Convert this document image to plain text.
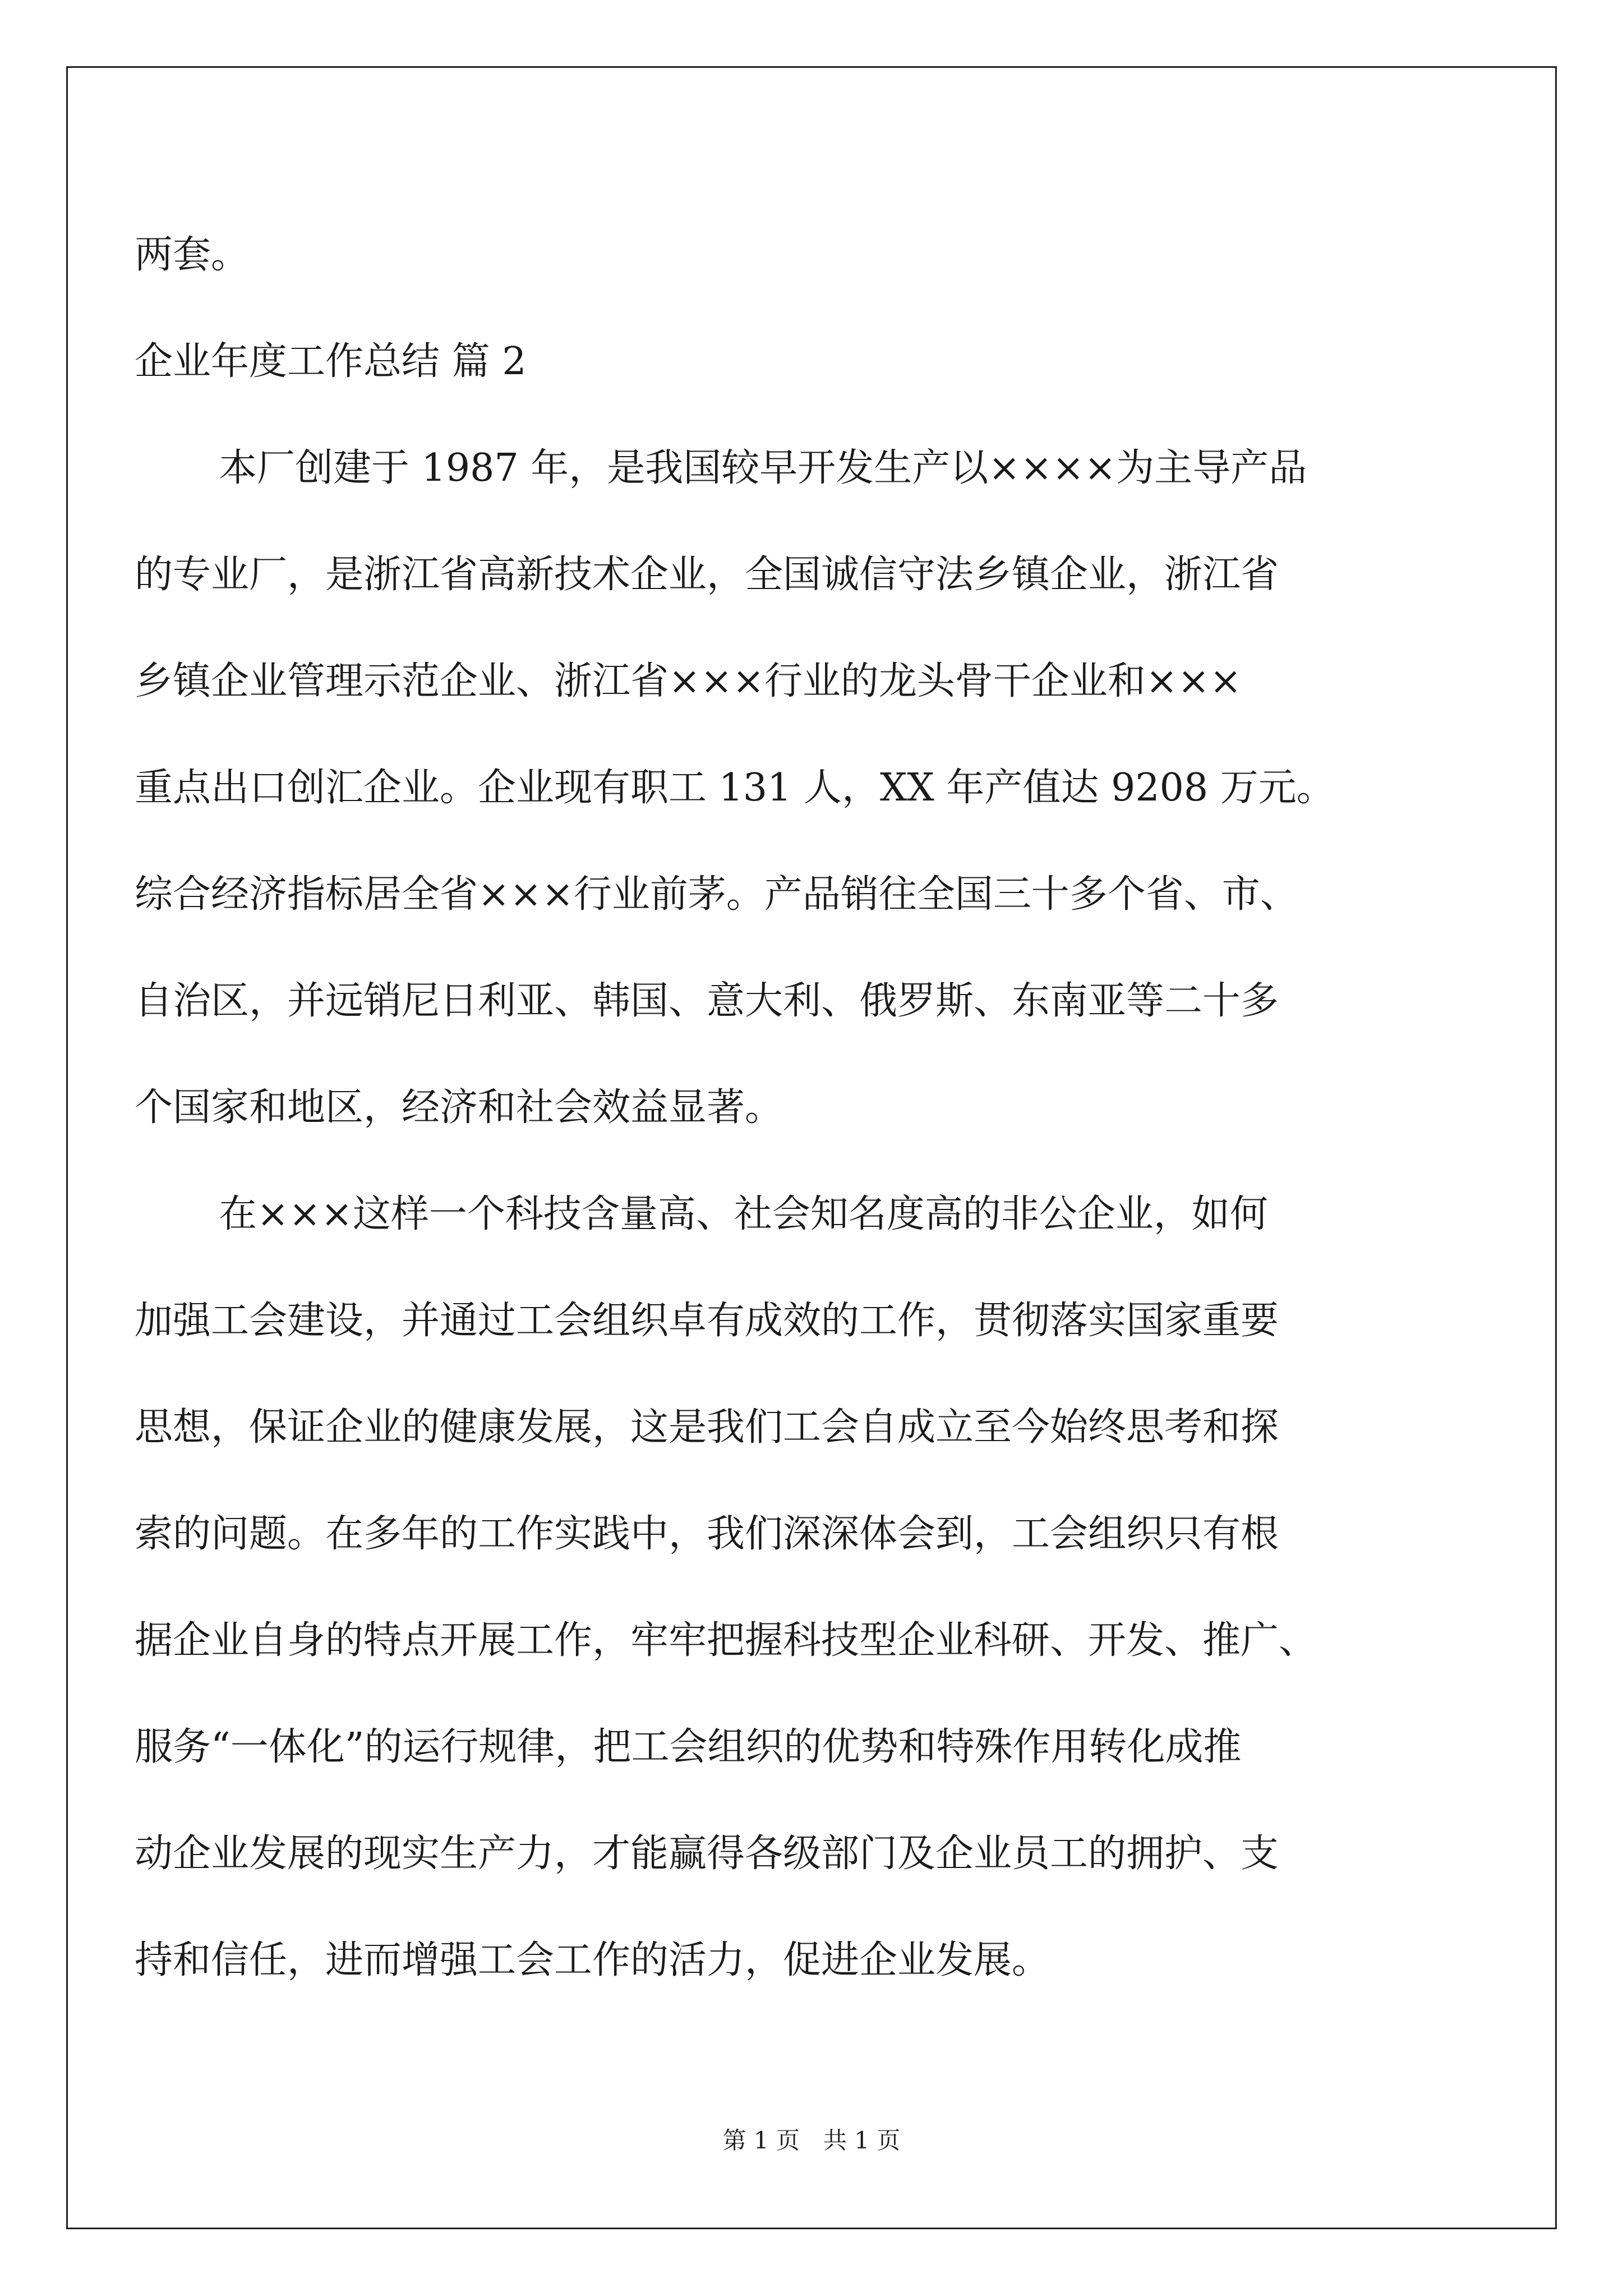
两套。
企业年度工作总结 篇 2
本厂创建于 1987 年，是我国较早开发生产以××××为主导产品
的专业厂，是浙江省高新技术企业，全国诚信守法乡镇企业，浙江省
乡镇企业管理示范企业、浙江省×××行业的龙头骨干企业和×××
重点出口创汇企业。企业现有职工 131 人，XX 年产值达 9208 万元。
综合经济指标居全省×××行业前茅。产品销往全国三十多个省、市、
自治区，并远销尼日利亚、韩国、意大利、俄罗斯、东南亚等二十多
个国家和地区，经济和社会效益显著。
在×××这样一个科技含量高、社会知名度高的非公企业，如何
加强工会建设，并通过工会组织卓有成效的工作，贯彻落实国家重要
思想，保证企业的健康发展，这是我们工会自成立至今始终思考和探
索的问题。在多年的工作实践中，我们深深体会到，工会组织只有根
据企业自身的特点开展工作，牢牢把握科技型企业科研、开发、推广、
服务“一体化”的运行规律，把工会组织的优势和特殊作用转化成推
动企业发展的现实生产力，才能赢得各级部门及企业员工的拥护、支
持和信任，进而增强工会工作的活力，促进企业发展。
第 1 页　共 1 页
